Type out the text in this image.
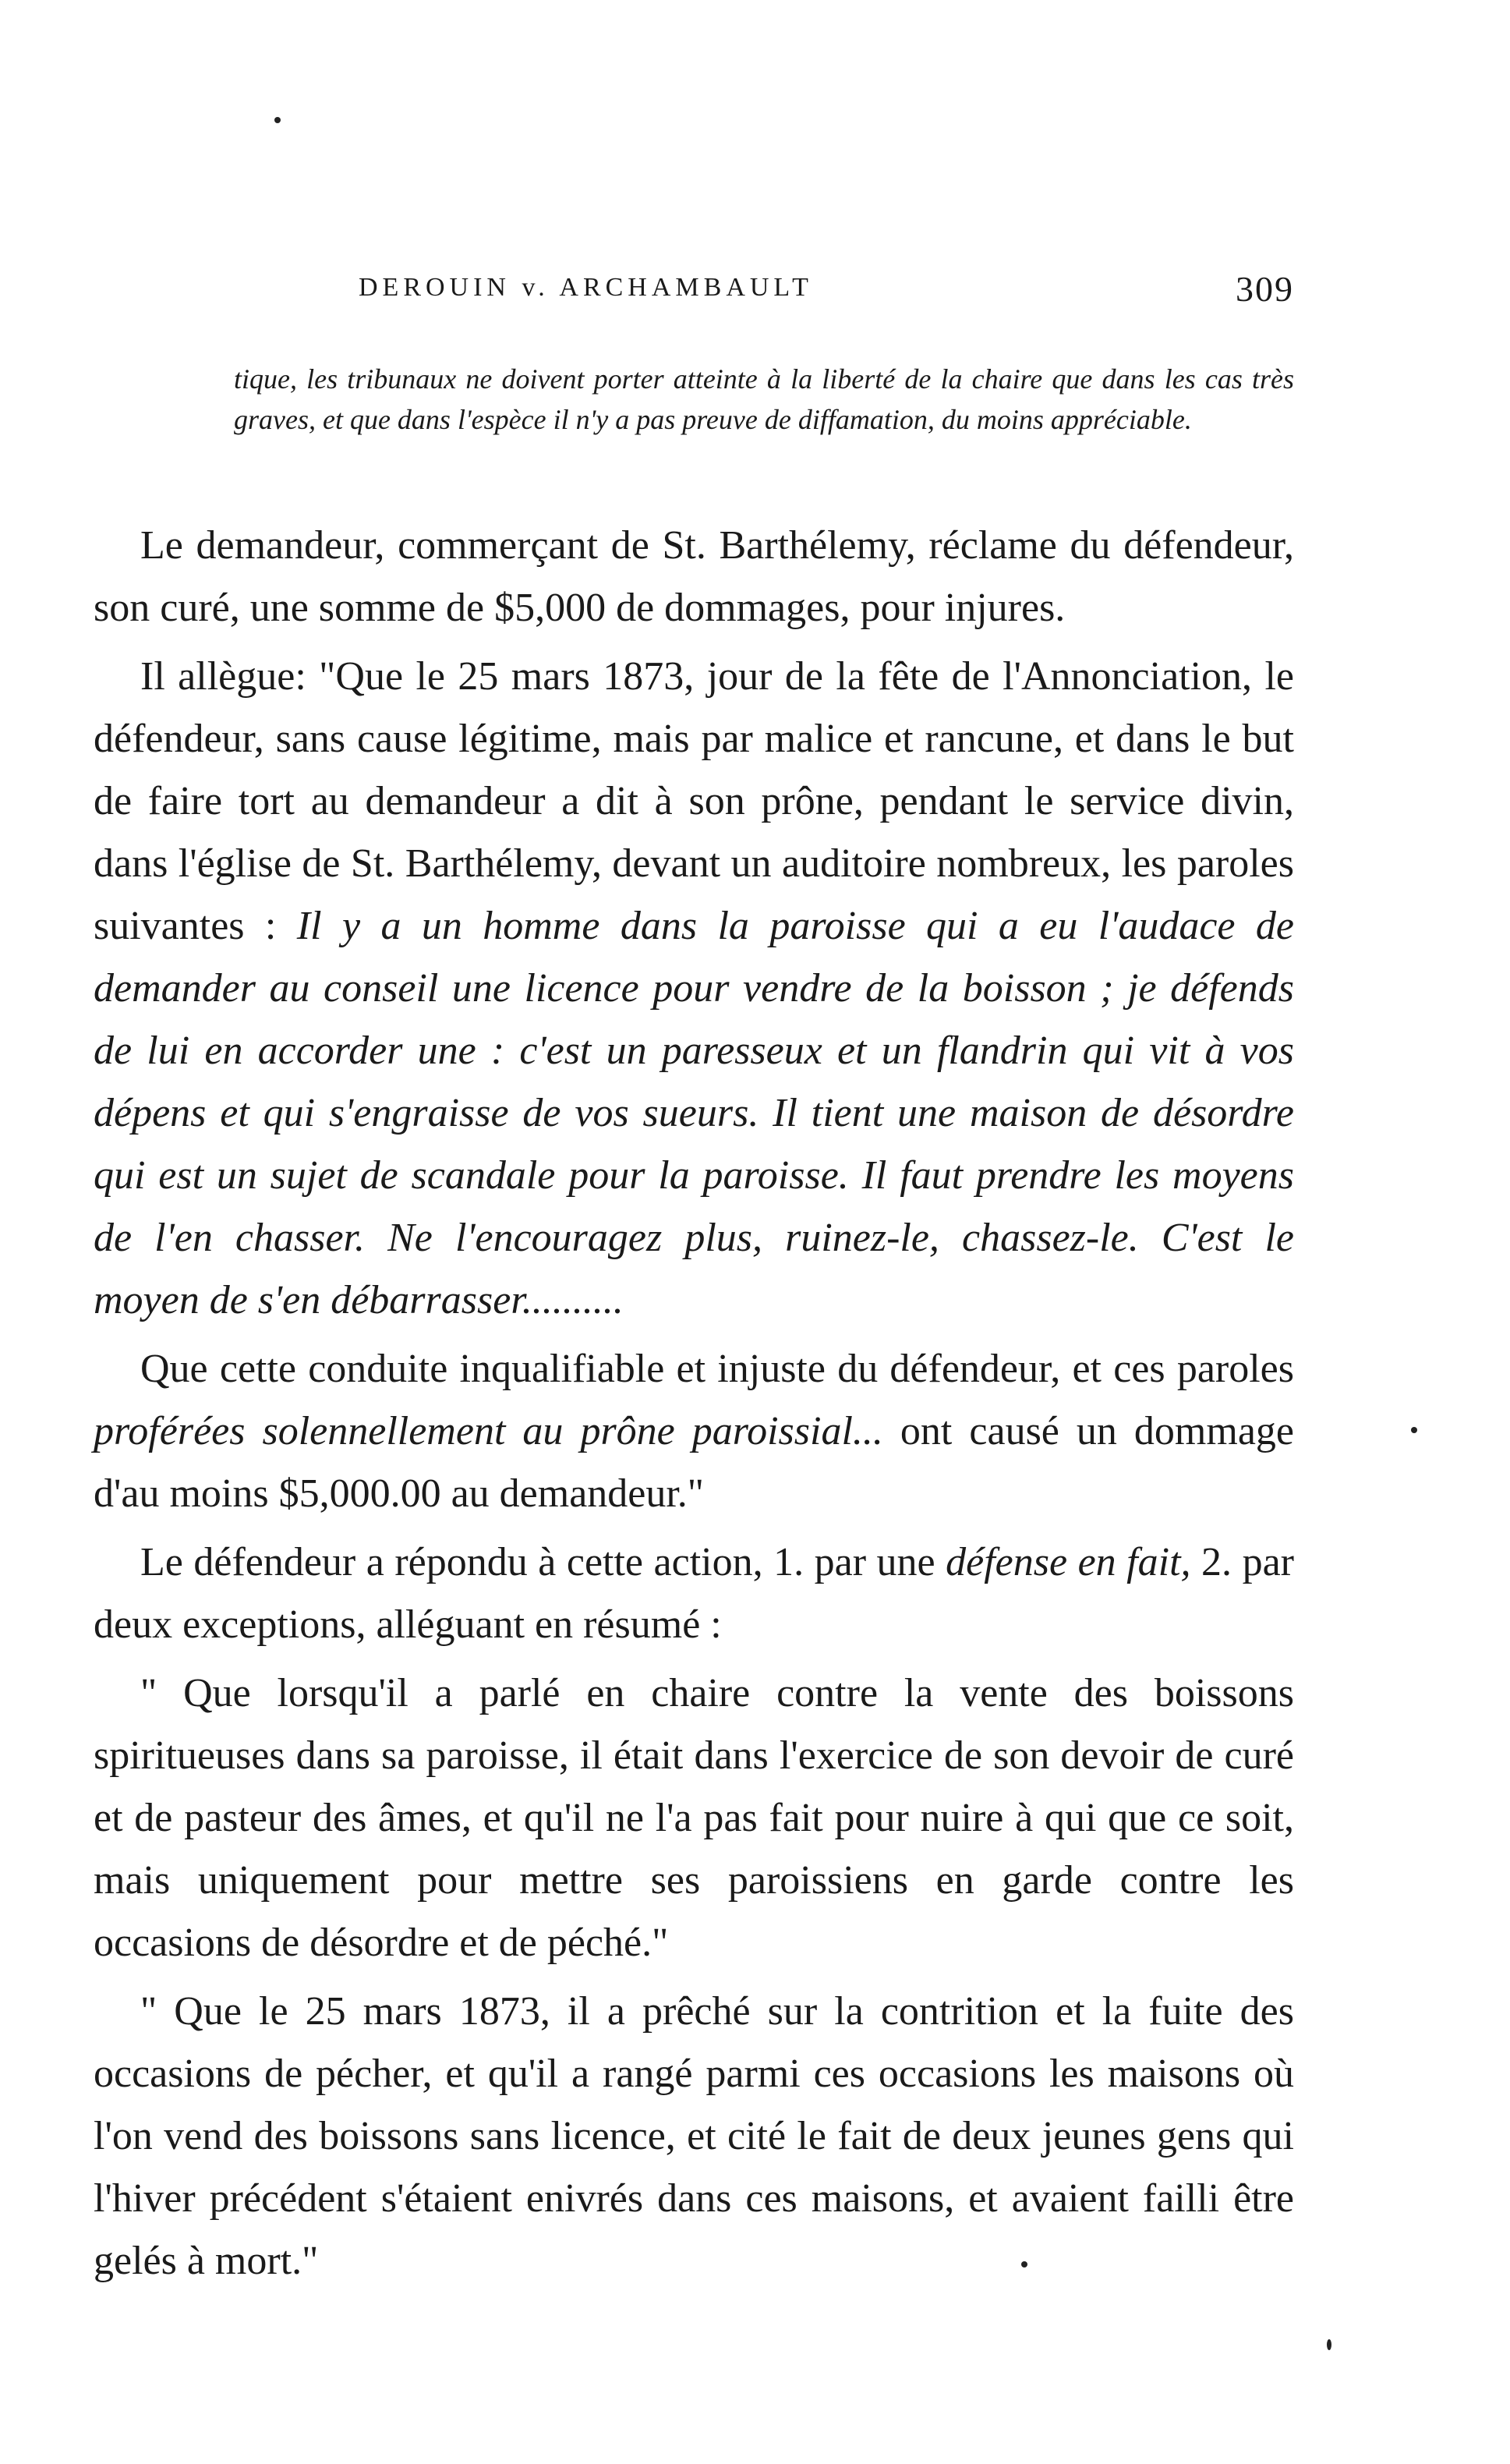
DEROUIN v. ARCHAMBAULT	309

tique, les tribunaux ne doivent porter atteinte à la liberté de la chaire que dans les cas très graves, et que dans l'espèce il n'y a pas preuve de diffamation, du moins appréciable.

Le demandeur, commerçant de St. Barthélemy, réclame du défendeur, son curé, une somme de $5,000 de dommages, pour injures.

Il allègue: "Que le 25 mars 1873, jour de la fête de l'Annonciation, le défendeur, sans cause légitime, mais par malice et rancune, et dans le but de faire tort au demandeur a dit à son prône, pendant le service divin, dans l'église de St. Barthélemy, devant un auditoire nombreux, les paroles suivantes : Il y a un homme dans la paroisse qui a eu l'audace de demander au conseil une licence pour vendre de la boisson ; je défends de lui en accorder une : c'est un paresseux et un flandrin qui vit à vos dépens et qui s'engraisse de vos sueurs. Il tient une maison de désordre qui est un sujet de scandale pour la paroisse. Il faut prendre les moyens de l'en chasser. Ne l'encouragez plus, ruinez-le, chassez-le. C'est le moyen de s'en débarrasser..........

Que cette conduite inqualifiable et injuste du défendeur, et ces paroles proférées solennellement au prône paroissial... ont causé un dommage d'au moins $5,000.00 au demandeur."

Le défendeur a répondu à cette action, 1. par une défense en fait, 2. par deux exceptions, alléguant en résumé :

" Que lorsqu'il a parlé en chaire contre la vente des boissons spiritueuses dans sa paroisse, il était dans l'exercice de son devoir de curé et de pasteur des âmes, et qu'il ne l'a pas fait pour nuire à qui que ce soit, mais uniquement pour mettre ses paroissiens en garde contre les occasions de désordre et de péché."

" Que le 25 mars 1873, il a prêché sur la contrition et la fuite des occasions de pécher, et qu'il a rangé parmi ces occasions les maisons où l'on vend des boissons sans licence, et cité le fait de deux jeunes gens qui l'hiver précédent s'étaient enivrés dans ces maisons, et avaient failli être gelés à mort."
